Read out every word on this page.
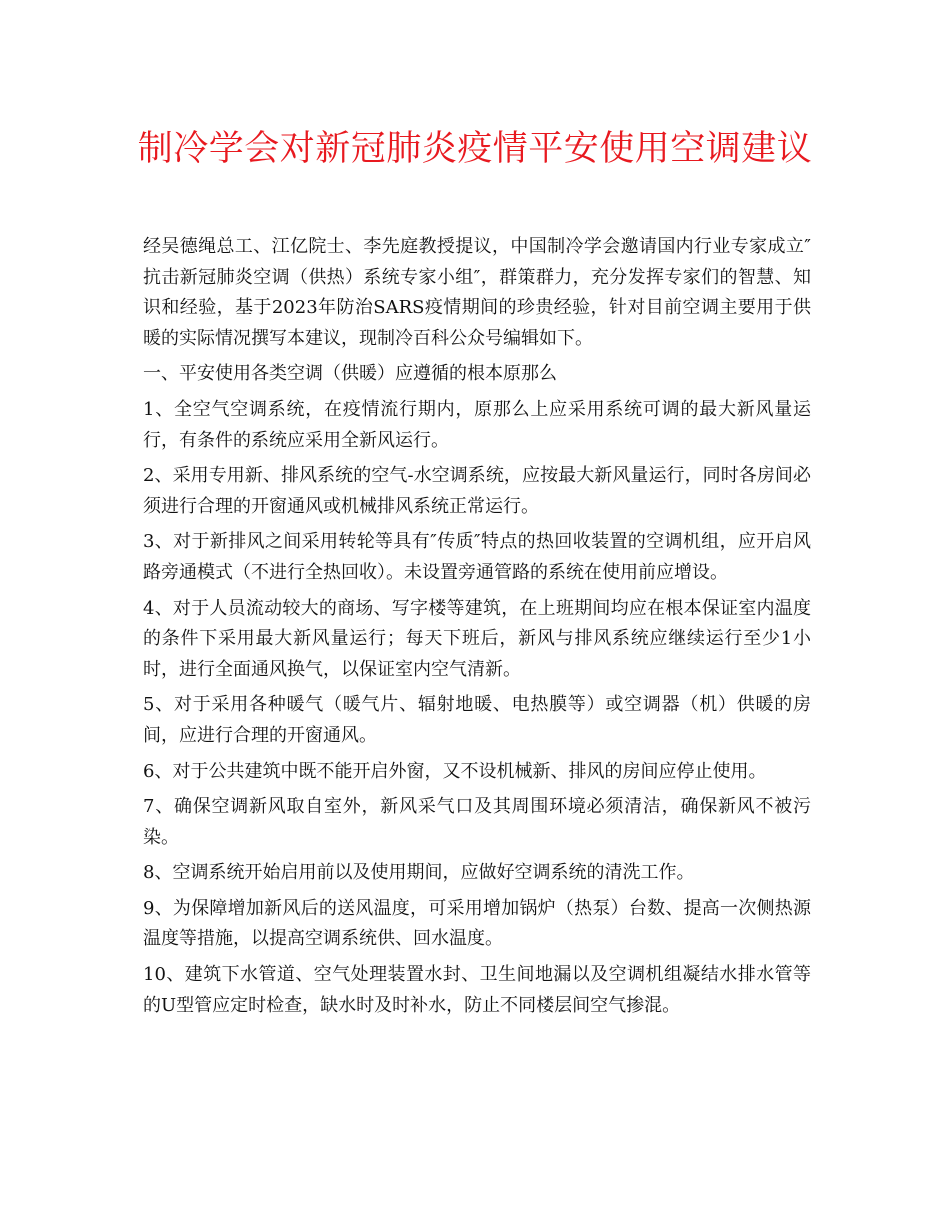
制冷学会对新冠肺炎疫情平安使用空调建议

经吴德绳总工、江亿院士、李先庭教授提议，中国制冷学会邀请国内行业专家成立″抗击新冠肺炎空调（供热）系统专家小组″，群策群力，充分发挥专家们的智慧、知识和经验，基于2023年防治SARS疫情期间的珍贵经验，针对目前空调主要用于供暖的实际情况撰写本建议，现制冷百科公众号编辑如下。

一、平安使用各类空调（供暖）应遵循的根本原那么

1、全空气空调系统，在疫情流行期内，原那么上应采用系统可调的最大新风量运行，有条件的系统应采用全新风运行。

2、采用专用新、排风系统的空气-水空调系统，应按最大新风量运行，同时各房间必须进行合理的开窗通风或机械排风系统正常运行。

3、对于新排风之间采用转轮等具有″传质″特点的热回收装置的空调机组，应开启风路旁通模式（不进行全热回收）。未设置旁通管路的系统在使用前应增设。

4、对于人员流动较大的商场、写字楼等建筑，在上班期间均应在根本保证室内温度的条件下采用最大新风量运行；每天下班后，新风与排风系统应继续运行至少1小时，进行全面通风换气，以保证室内空气清新。

5、对于采用各种暖气（暖气片、辐射地暖、电热膜等）或空调器（机）供暖的房间，应进行合理的开窗通风。

6、对于公共建筑中既不能开启外窗，又不设机械新、排风的房间应停止使用。

7、确保空调新风取自室外，新风采气口及其周围环境必须清洁，确保新风不被污染。

8、空调系统开始启用前以及使用期间，应做好空调系统的清洗工作。

9、为保障增加新风后的送风温度，可采用增加锅炉（热泵）台数、提高一次侧热源温度等措施，以提高空调系统供、回水温度。

10、建筑下水管道、空气处理装置水封、卫生间地漏以及空调机组凝结水排水管等的U型管应定时检查，缺水时及时补水，防止不同楼层间空气掺混。
